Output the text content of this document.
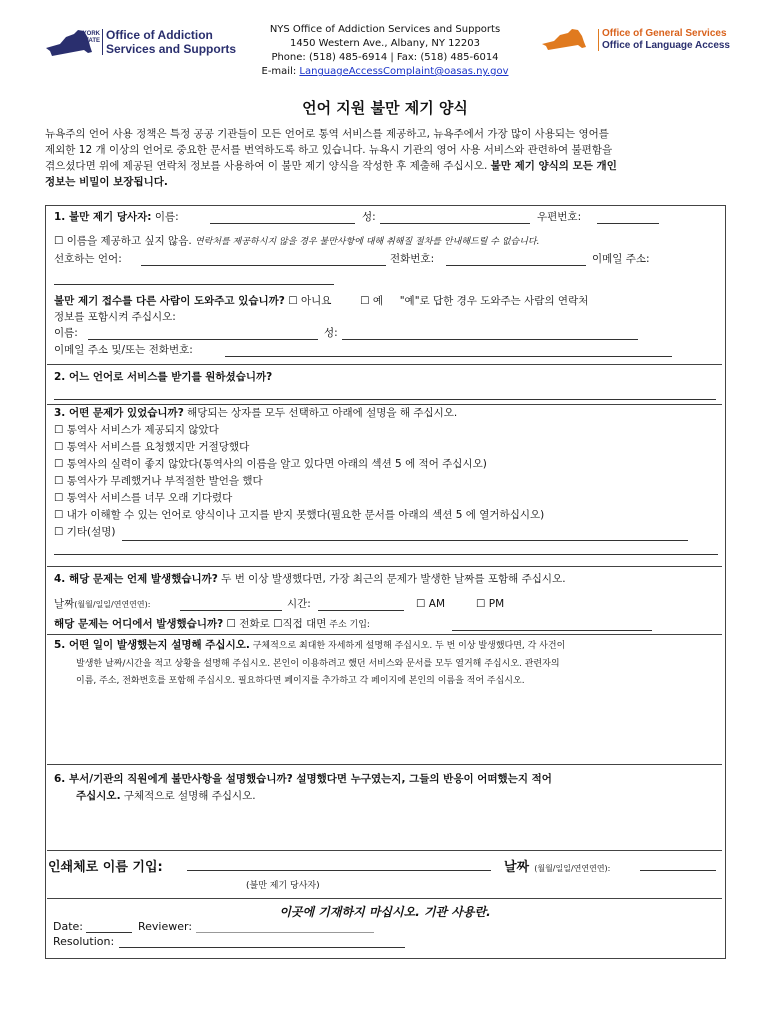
NEW
YORK
STATE Office of Addiction
Services and Supports
NYS Office of Addiction Services and Supports
1450 Western Ave., Albany, NY 12203
Phone: (518) 485-6914 | Fax: (518) 485-6014
E-mail: LanguageAccessComplaint@oasas.ny.gov
Office of General Services
Office of Language Access
언어 지원 불만 제기 양식
뉴욕주의 언어 사용 정책은 특정 공공 기관들이 모든 언어로 통역 서비스를 제공하고, 뉴욕주에서 가장 많이 사용되는 영어를
제외한 12 개 이상의 언어로 중요한 문서를 번역하도록 하고 있습니다. 뉴욕시 기관의 영어 사용 서비스와 관련하여 불편함을
겪으셨다면 위에 제공된 연락처 정보를 사용하여 이 불만 제기 양식을 작성한 후 제출해 주십시오. 불만 제기 양식의 모든 개인
정보는 비밀이 보장됩니다.
1. 불만 제기 당사자: 이름:	성:	우편번호:
☐ 이름을 제공하고 싶지 않음. 연락처를 제공하시지 않을 경우 불만사항에 대해 취해질 절차를 안내해드릴 수 없습니다.
선호하는 언어:	전화번호:	이메일 주소:
불만 제기 접수를 다른 사람이 도와주고 있습니까? ☐ 아니요	☐ 예 "예"로 답한 경우 도와주는 사람의 연락처
정보를 포함시켜 주십시오:
이름:	성:
이메일 주소 및/또는 전화번호:
2. 어느 언어로 서비스를 받기를 원하셨습니까?
3. 어떤 문제가 있었습니까? 해당되는 상자를 모두 선택하고 아래에 설명을 해 주십시오.
☐ 통역사 서비스가 제공되지 않았다
☐ 통역사 서비스를 요청했지만 거절당했다
☐ 통역사의 실력이 좋지 않았다(통역사의 이름을 알고 있다면 아래의 섹션 5 에 적어 주십시오)
☐ 통역사가 무례했거나 부적절한 발언을 했다
☐ 통역사 서비스를 너무 오래 기다렸다
☐ 내가 이해할 수 있는 언어로 양식이나 고지를 받지 못했다(필요한 문서를 아래의 섹션 5 에 열거하십시오)
☐ 기타(설명)
4. 해당 문제는 언제 발생했습니까? 두 번 이상 발생했다면, 가장 최근의 문제가 발생한 날짜를 포함해 주십시오.
날짜(월월/일일/연연연연):	시간:	☐ AM	☐ PM
해당 문제는 어디에서 발생했습니까? ☐ 전화로 ☐직접 대면 주소 기입:
5. 어떤 일이 발생했는지 설명해 주십시오. 구체적으로 최대한 자세하게 설명해 주십시오. 두 번 이상 발생했다면, 각 사건이
발생한 날짜/시간을 적고 상황을 설명해 주십시오. 본인이 이용하려고 했던 서비스와 문서를 모두 열거해 주십시오. 관련자의
이름, 주소, 전화번호를 포함해 주십시오. 필요하다면 페이지를 추가하고 각 페이지에 본인의 이름을 적어 주십시오.
6. 부서/기관의 직원에게 불만사항을 설명했습니까? 설명했다면 누구였는지, 그들의 반응이 어떠했는지 적어
주십시오. 구체적으로 설명해 주십시오.
인쇄체로 이름 기입:	날짜 (월월/일일/연연연연):
(불만 제기 당사자)
이곳에 기재하지 마십시오. 기관 사용란.
Date:	Reviewer:
Resolution:
